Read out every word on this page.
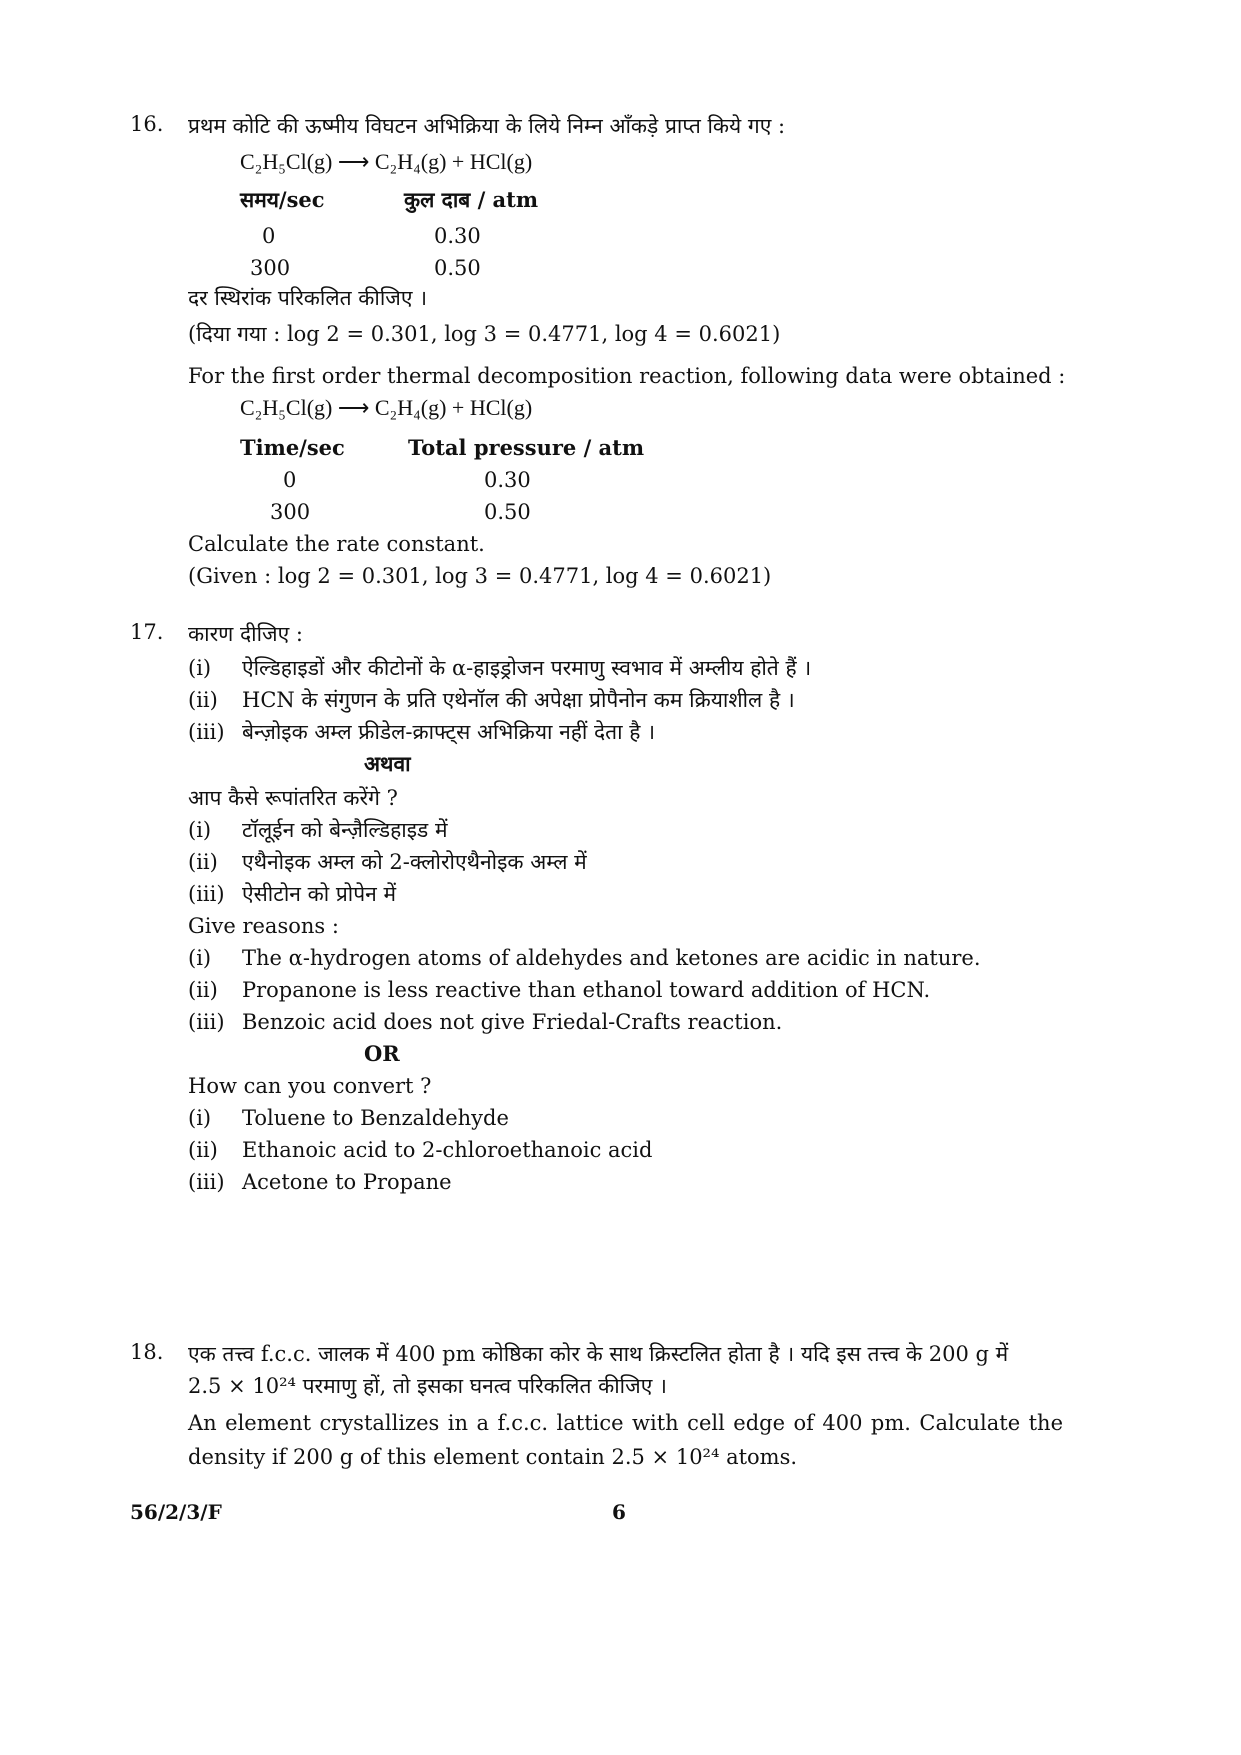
16. प्रथम कोटि की ऊष्मीय विघटन अभिक्रिया के लिये निम्न आँकड़े प्राप्त किये गए :
C₂H₅Cl(g) ⟶ C₂H₄(g) + HCl(g)
समय/sec	कुल दाब / atm
0	0.30
300	0.50
दर स्थिरांक परिकलित कीजिए ।
(दिया गया : log 2 = 0.301, log 3 = 0.4771, log 4 = 0.6021)
For the first order thermal decomposition reaction, following data were obtained :
C₂H₅Cl(g) ⟶ C₂H₄(g) + HCl(g)
Time/sec	Total pressure / atm
0	0.30
300	0.50
Calculate the rate constant.
(Given : log 2 = 0.301, log 3 = 0.4771, log 4 = 0.6021)
17. कारण दीजिए :
(i) ऐल्डिहाइडों और कीटोनों के α-हाइड्रोजन परमाणु स्वभाव में अम्लीय होते हैं ।
(ii) HCN के संगुणन के प्रति एथेनॉल की अपेक्षा प्रोपैनोन कम क्रियाशील है ।
(iii) बेन्ज़ोइक अम्ल फ्रीडेल-क्राफ्ट्स अभिक्रिया नहीं देता है ।
अथवा
आप कैसे रूपांतरित करेंगे ?
(i) टॉलूईन को बेन्ज़ैल्डिहाइड में
(ii) एथैनोइक अम्ल को 2-क्लोरोएथैनोइक अम्ल में
(iii) ऐसीटोन को प्रोपेन में
Give reasons :
(i) The α-hydrogen atoms of aldehydes and ketones are acidic in nature.
(ii) Propanone is less reactive than ethanol toward addition of HCN.
(iii) Benzoic acid does not give Friedal-Crafts reaction.
OR
How can you convert ?
(i) Toluene to Benzaldehyde
(ii) Ethanoic acid to 2-chloroethanoic acid
(iii) Acetone to Propane
18. एक तत्त्व f.c.c. जालक में 400 pm कोष्ठिका कोर के साथ क्रिस्टलित होता है । यदि इस तत्त्व के 200 g में
2.5 × 10²⁴ परमाणु हों, तो इसका घनत्व परिकलित कीजिए ।
An element crystallizes in a f.c.c. lattice with cell edge of 400 pm. Calculate the density if 200 g of this element contain 2.5 × 10²⁴ atoms.
56/2/3/F	6
